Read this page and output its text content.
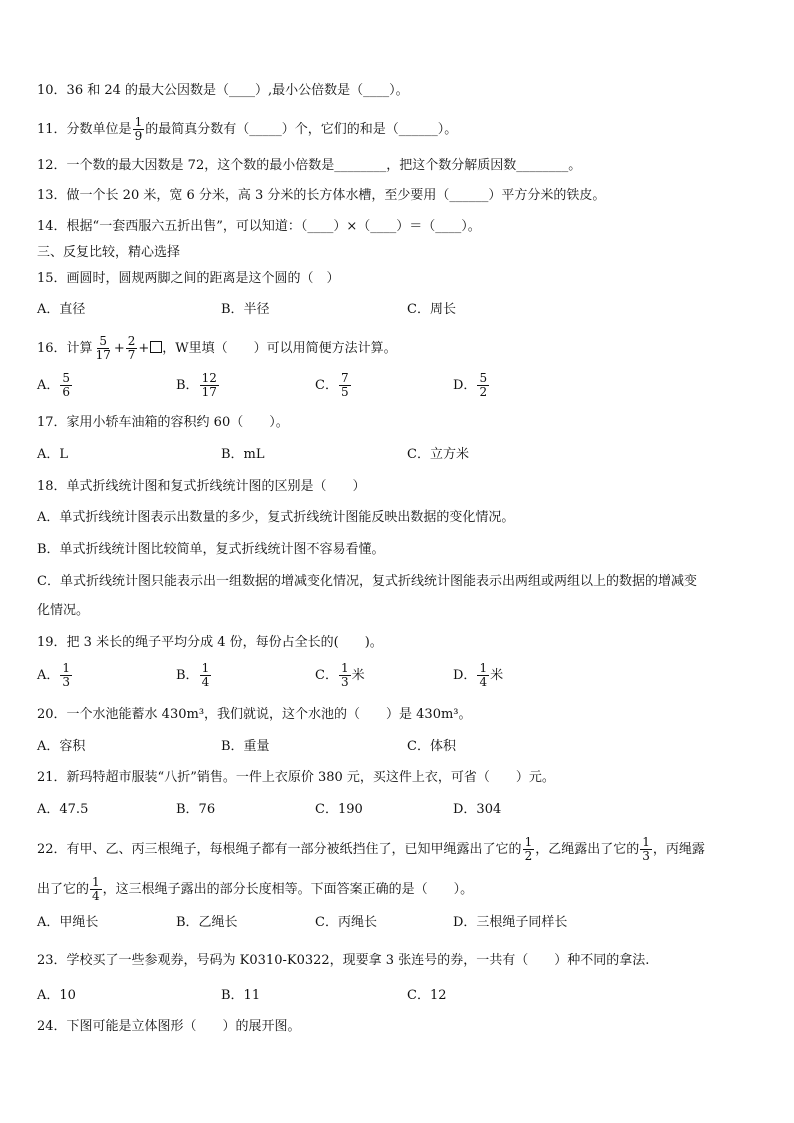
10．36 和 24 的最大公因数是（____）,最小公倍数是（____）。
11．分数单位是 $\frac{1}{9}$ 的最简真分数有（_____）个，它们的和是（______）。
12．一个数的最大因数是 72，这个数的最小倍数是________，把这个数分解质因数________。
13．做一个长 20 米，宽 6 分米，高 3 分米的长方体水槽，至少要用（______）平方分米的铁皮。
14．根据“一套西服六五折出售”，可以知道：（____）×（____）＝（____）。
三、反复比较，精心选择
15．画圆时，圆规两脚之间的距离是这个圆的（　）
A．直径	B．半径	C．周长
16．计算 $\frac{5}{17} + \frac{2}{7}$ + ，W里填（　　）可以用简便方法计算。
A． $\frac{5}{6}$	B． $\frac{12}{17}$	C． $\frac{7}{5}$	D． $\frac{5}{2}$
17．家用小轿车油箱的容积约 60（　　）。
A．L	B．mL	C．立方米
18．单式折线统计图和复式折线统计图的区别是（　　）
A．单式折线统计图表示出数量的多少，复式折线统计图能反映出数据的变化情况。
B．单式折线统计图比较简单，复式折线统计图不容易看懂。
C．单式折线统计图只能表示出一组数据的增减变化情况，复式折线统计图能表示出两组或两组以上的数据的增减变
化情况。
19．把 3 米长的绳子平均分成 4 份，每份占全长的(　　)。
A． $\frac{1}{3}$	B． $\frac{1}{4}$	C． $\frac{1}{3}$ 米	D． $\frac{1}{4}$ 米
20．一个水池能蓄水 430m³，我们就说，这个水池的（　　）是 430m³。
A．容积	B．重量	C．体积
21．新玛特超市服装“八折”销售。一件上衣原价 380 元，买这件上衣，可省（　　）元。
A．47.5	B．76	C．190	D．304
22．有甲、乙、丙三根绳子，每根绳子都有一部分被纸挡住了，已知甲绳露出了它的 $\frac{1}{2}$ ，乙绳露出了它的 $\frac{1}{3}$ ，丙绳露
出了它的 $\frac{1}{4}$ ，这三根绳子露出的部分长度相等。下面答案正确的是（　　）。
A．甲绳长	B．乙绳长	C．丙绳长	D．三根绳子同样长
23．学校买了一些参观券，号码为 K0310-K0322，现要拿 3 张连号的券，一共有（　　）种不同的拿法.
A．10	B．11	C．12
24．下图可能是立体图形（　　）的展开图。
